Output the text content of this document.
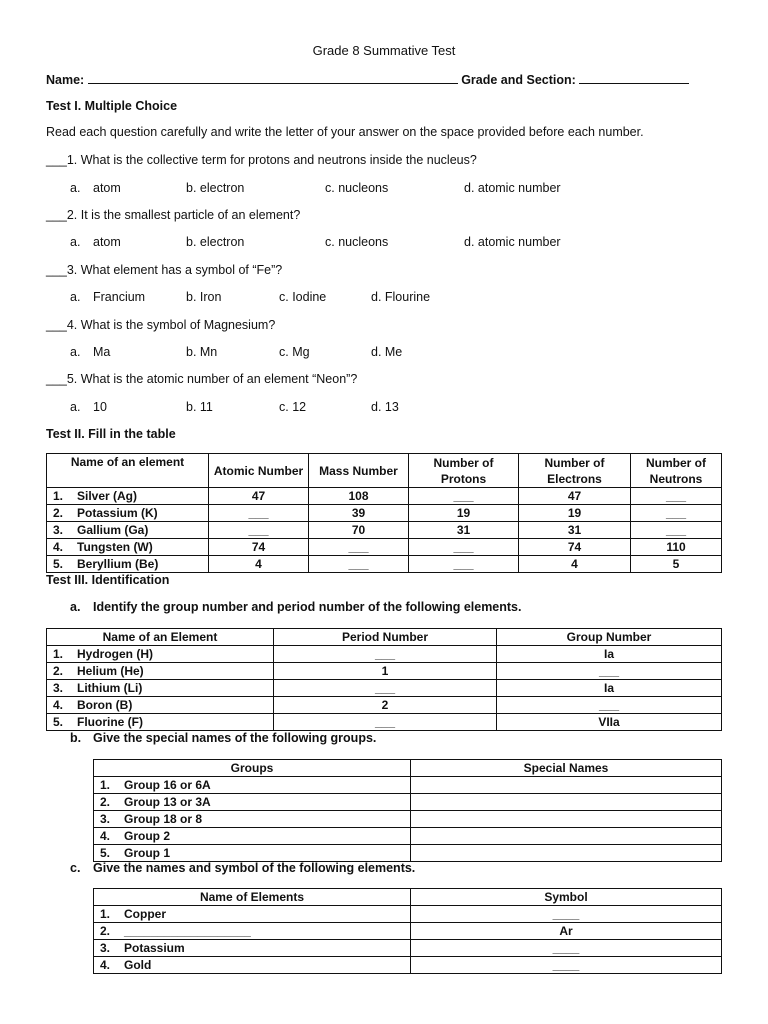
Grade 8 Summative Test
Name:	Grade and Section:
Test I. Multiple Choice
Read each question carefully and write the letter of your answer on the space provided before each number.
___1. What is the collective term for protons and neutrons inside the nucleus?
a. atom	b. electron	c. nucleons	d. atomic number
___2. It is the smallest particle of an element?
a. atom	b. electron	c. nucleons	d. atomic number
___3. What element has a symbol of “Fe”?
a. Francium	b. Iron	c. Iodine	d. Flourine
___4. What is the symbol of Magnesium?
a. Ma	b. Mn	c. Mg	d. Me
___5. What is the atomic number of an element “Neon”?
a. 10	b. 11	c. 12	d. 13
Test II. Fill in the table
Name of an element	Atomic Number	Mass Number	Number of Protons	Number of Electrons	Number of Neutrons
1. Silver (Ag)	47	108	___	47	___
2. Potassium (K)	___	39	19	19	___
3. Gallium (Ga)	___	70	31	31	___
4. Tungsten (W)	74	___	___	74	110
5. Beryllium (Be)	4	___	___	4	5
Test III. Identification
a. Identify the group number and period number of the following elements.
Name of an Element	Period Number	Group Number
1. Hydrogen (H)	___	Ia
2. Helium (He)	1	___
3. Lithium (Li)	___	Ia
4. Boron (B)	2	___
5. Fluorine (F)	___	VIIa
b. Give the special names of the following groups.
Groups	Special Names
1. Group 16 or 6A	
2. Group 13 or 3A	
3. Group 18 or 8	
4. Group 2	
5. Group 1	
c. Give the names and symbol of the following elements.
Name of Elements	Symbol
1. Copper	____
2. ___________________	Ar
3. Potassium	____
4. Gold	____
